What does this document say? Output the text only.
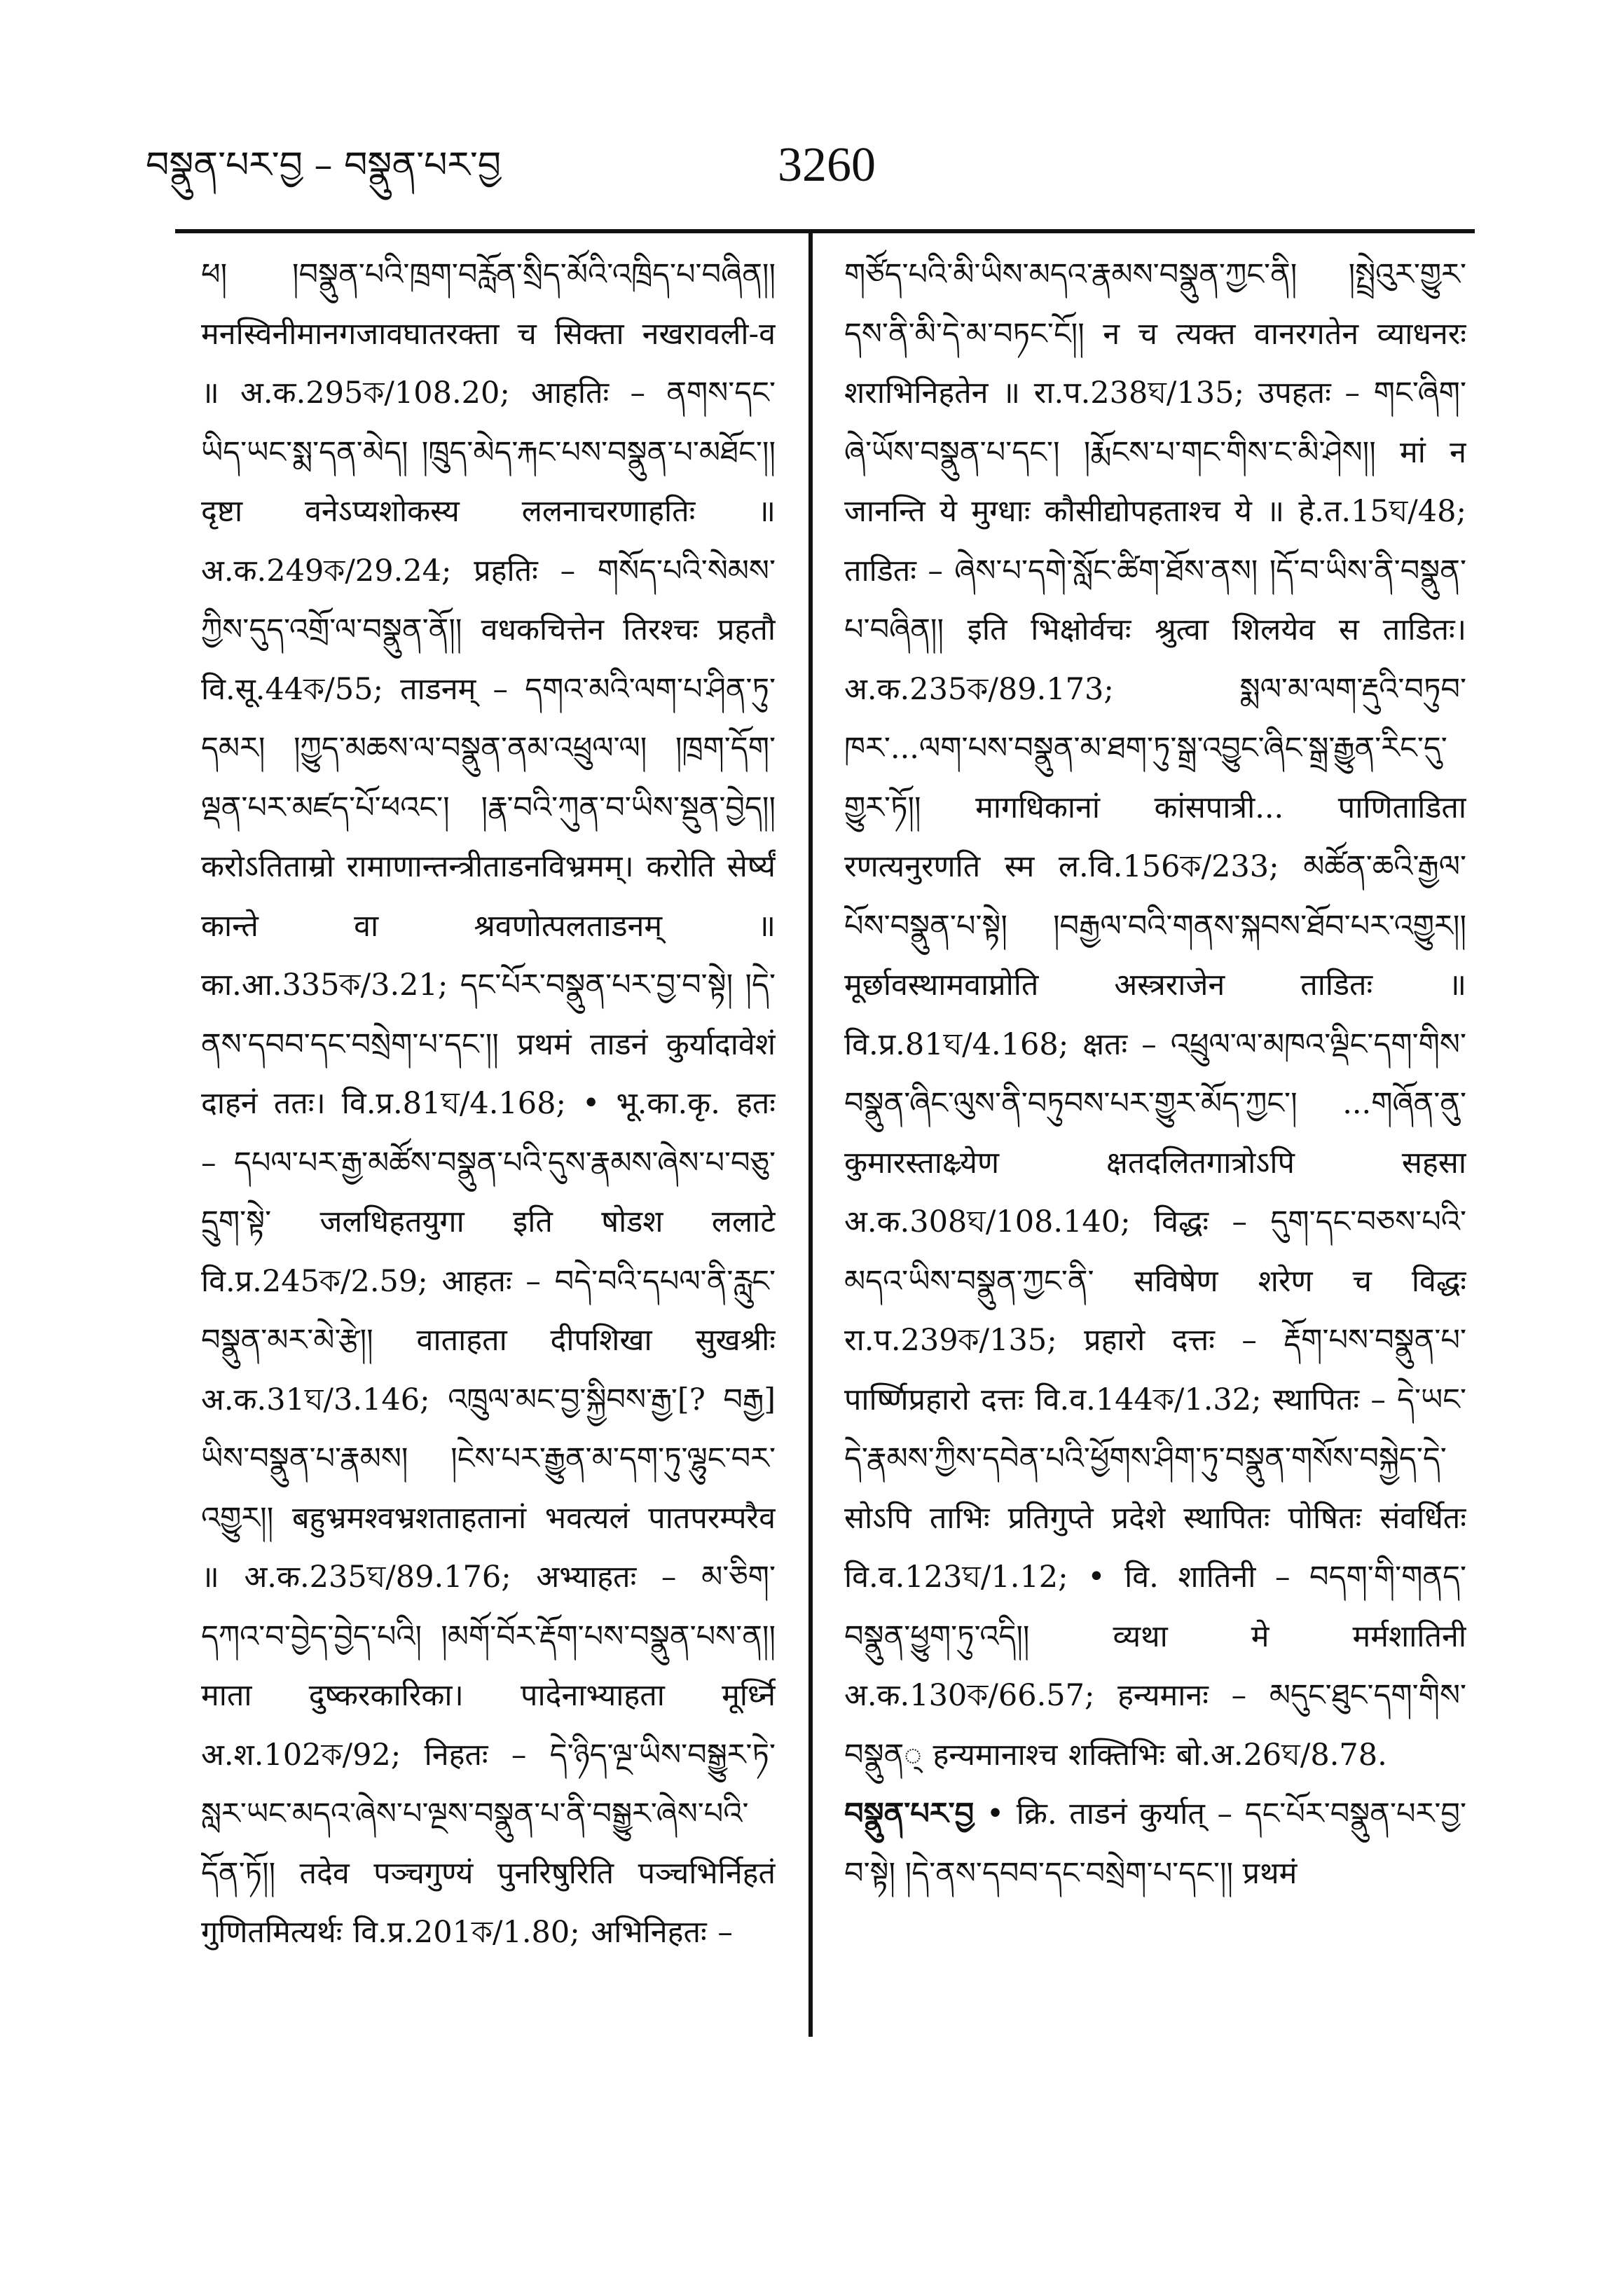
བསྣུན་པར་བྱ – བསྣུན་པར་བྱ	3260

ཕ། །བསྣུན་པའི་ཁྲག་བརློན་སྲིད་མོའི་འཁྲིད་པ་བཞིན།། मनस्विनीमानगजावघातरक्ता च सिक्ता नखरावली-व ॥ अ.क.295ক/108.20; आहतिः – ནགས་དང་ཡིད་ཡང་སྨ་དན་མེད། །ཁྲུད་མེད་རྐང་པས་བསྣུན་པ་མཐོང་།། दृष्टा वनेऽप्यशोकस्य ललनाचरणाहतिः ॥ अ.क.249ক/29.24; प्रहतिः – གསོད་པའི་སེམས་ཀྱིས་དུད་འགྲོ་ལ་བསྣུན་ནོ།། वधकचित्तेन तिरश्चः प्रहतौ वि.सू.44ক/55; ताडनम् – དགའ་མའི་ལག་པ་ཤིན་ཏུ་དམར། །ཀྱུད་མཆས་ལ་བསྣུན་ནམ་འཕྲུལ་ལ། །ཁྲག་དོག་ལྡན་པར་མཛད་པོ་ཕའང་། །རྣ་བའི་ཀུན་བ་ཡིས་སྡུན་བྱེད།། करोऽतिताम्रो रामाणान्तन्त्रीताडनविभ्रमम्। करोति सेर्ष्यं कान्ते वा श्रवणोत्पलताडनम् ॥ का.आ.335ক/3.21; དང་པོར་བསྣུན་པར་བྱ་བ་སྟེ། །དེ་ནས་དབབ་དང་བསྲེག་པ་དང་།། प्रथमं ताडनं कुर्यादावेशं दाहनं ततः। वि.प्र.81ঘ/4.168; • भू.का.कृ. हतः – དཔལ་པར་རྒྱ་མཚོས་བསྣུན་པའི་དུས་རྣམས་ཞེས་པ་བཅུ་དྲུག་སྟེ་ जलधिहतयुगा इति षोडश ललाटे वि.प्र.245ক/2.59; आहतः – བདེ་བའི་དཔལ་ནི་རླུང་བསྣུན་མར་མེ་རྩེ།། वाताहता दीपशिखा सुखश्रीः अ.क.31ঘ/3.146; འཁྲུལ་མང་བྱ་སྐྱིབས་རྒྱ་[? བརྒྱ] ཡིས་བསྣུན་པ་རྣམས། །ངེས་པར་རྒྱུན་མ་དག་ཏུ་ལྷུང་བར་འགྱུར།། बहुभ्रमश्वभ्रशताहतानां भवत्यलं पातपरम्परैव ॥ अ.क.235ঘ/89.176; अभ्याहतः – མ་ཅིག་དཀའ་བ་བྱེད་བྱེད་པའི། །མགོ་བོར་རྡོག་པས་བསྣུན་པས་ན།། माता दुष्करकारिका। पादेनाभ्याहता मूर्ध्नि अ.श.102ক/92; निहतः – དེ་ཉིད་ལྔ་ཡིས་བསྒྱུར་ཏེ་སླར་ཡང་མདའ་ཞེས་པ་ལྔས་བསྣུན་པ་ནི་བསྒྱུར་ཞེས་པའི་དོན་ཏོ།། तदेव पञ्चगुण्यं पुनरिषुरिति पञ्चभिर्निहतं गुणितमित्यर्थः वि.प्र.201ক/1.80; अभिनिहतः –

གཙོད་པའི་མི་ཡིས་མདའ་རྣམས་བསྣུན་ཀྱང་ནི། །སྤྲེའུར་གྱུར་དས་ནི་མི་དེ་མ་བཏང་ངོ།། न च त्यक्त वानरगतेन व्याधनरः शराभिनिहतेन ॥ रा.प.238ঘ/135; उपहतः – གང་ཞིག་ཞེ་ཡོས་བསྣུན་པ་དང་། །རྨོངས་པ་གང་གིས་ང་མི་ཤེས།། मां न जानन्ति ये मुग्धाः कौसीद्योपहताश्च ये ॥ हे.त.15ঘ/48; ताडितः – ཞེས་པ་དགེ་སློང་ཚིག་ཐོས་ནས། །དོ་བ་ཡིས་ནི་བསྣུན་པ་བཞིན།། इति भिक्षोर्वचः श्रुत्वा शिलयेव स ताडितः। अ.क.235ক/89.173; སྨལ་མ་ལག་རྡུའི་བཏུབ་ཁར་...ལག་པས་བསྣུན་མ་ཐག་ཏུ་སྒྲ་འབྱུང་ཞིང་སྒྲ་རྒྱུན་རིང་དུ་གྱུར་ཏོ།། मागधिकानां कांसपात्री... पाणिताडिता रणत्यनुरणति स्म ल.वि.156ক/233; མཚོན་ཆའི་རྒྱལ་པོས་བསྣུན་པ་སྟེ། །བརྒྱལ་བའི་གནས་སྐབས་ཐོབ་པར་འགྱུར།། मूर्छावस्थामवाप्नोति अस्त्रराजेन ताडितः ॥ वि.प्र.81ঘ/4.168; क्षतः – འཕྲུལ་ལ་མཁའ་ལྡིང་དག་གིས་བསྣུན་ཞིང་ལུས་ནི་བཏུབས་པར་གྱུར་མོད་ཀྱང་། ...གཞོན་ནུ་कुमारस्ताक्ष्र्येण क्षतदलितगात्रोऽपि सहसा अ.क.308ঘ/108.140; विद्धः – དུག་དང་བཅས་པའི་མདའ་ཡིས་བསྣུན་ཀྱང་ནི་ सविषेण शरेण च विद्धः रा.प.239ক/135; प्रहारो दत्तः – རྡོག་པས་བསྣུན་པ་ पार्ष्णिप्रहारो दत्तः वि.व.144ক/1.32; स्थापितः – དེ་ཡང་དེ་རྣམས་ཀྱིས་དབེན་པའི་ཕྱོགས་ཤིག་ཏུ་བསྣུན་གསོས་བསྐྱེད་དེ་ सोऽपि ताभिः प्रतिगुप्ते प्रदेशे स्थापितः पोषितः संवर्धितः वि.व.123ঘ/1.12; • वि. शातिनी – བདག་གི་གནད་བསྣུན་ཕྱུག་ཏུ་འདི།། व्यथा मे मर्मशातिनी अ.क.130ক/66.57; हन्यमानः – མདུང་ཐུང་དག་གིས་བསྣུན् हन्यमानाश्च शक्तिभिः बो.अ.26ঘ/8.78.

བསྣུན་པར་བྱ • क्रि. ताडनं कुर्यात् – དང་པོར་བསྣུན་པར་བྱ་བ་སྟེ། །དེ་ནས་དབབ་དང་བསྲེག་པ་དང་།། प्रथमं
